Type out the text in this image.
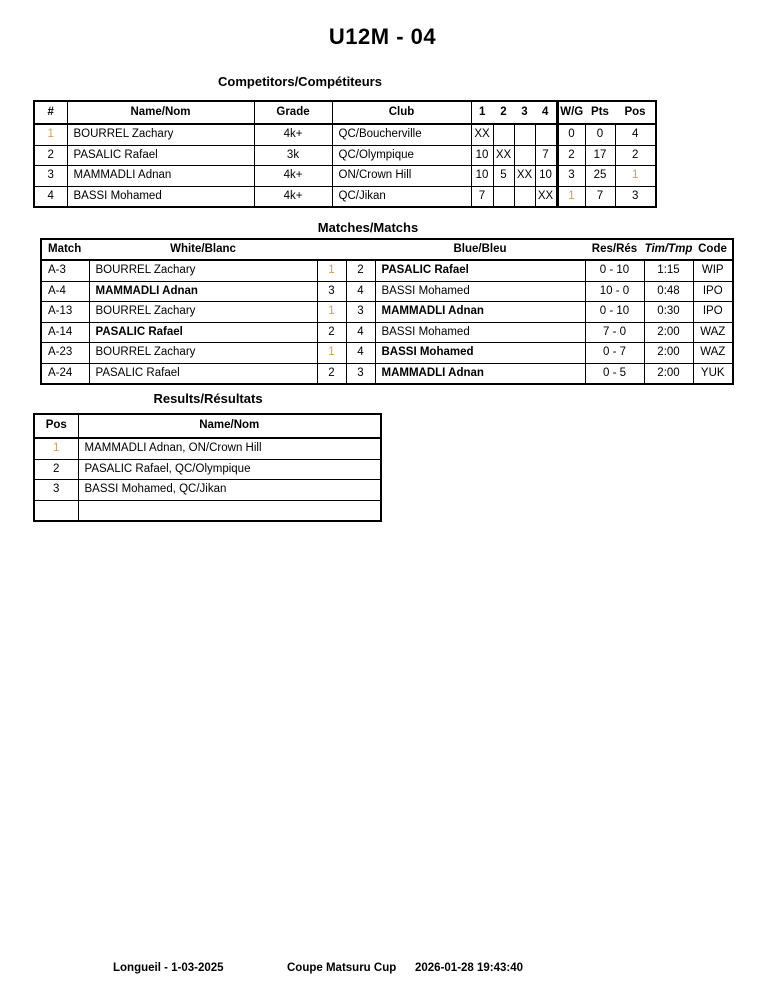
U12M - 04
Competitors/Compétiteurs
#	Name/Nom	Grade	Club	1	2	3	4	W/G	Pts	Pos
1	BOURREL Zachary	4k+	QC/Boucherville	XX				0	0	4
2	PASALIC Rafael	3k	QC/Olympique	10	XX		7	2	17	2
3	MAMMADLI Adnan	4k+	ON/Crown Hill	10	5	XX	10	3	25	1
4	BASSI Mohamed	4k+	QC/Jikan	7			XX	1	7	3
Matches/Matchs
Match	White/Blanc			Blue/Bleu	Res/Rés	Tim/Tmp	Code
A-3	BOURREL Zachary	1	2	PASALIC Rafael	0 - 10	1:15	WIP
A-4	MAMMADLI Adnan	3	4	BASSI Mohamed	10 - 0	0:48	IPO
A-13	BOURREL Zachary	1	3	MAMMADLI Adnan	0 - 10	0:30	IPO
A-14	PASALIC Rafael	2	4	BASSI Mohamed	7 - 0	2:00	WAZ
A-23	BOURREL Zachary	1	4	BASSI Mohamed	0 - 7	2:00	WAZ
A-24	PASALIC Rafael	2	3	MAMMADLI Adnan	0 - 5	2:00	YUK
Results/Résultats
Pos	Name/Nom
1	MAMMADLI Adnan, ON/Crown Hill
2	PASALIC Rafael, QC/Olympique
3	BASSI Mohamed, QC/Jikan

Longueil - 1-03-2025	Coupe Matsuru Cup 2026-01-28 19:43:40
